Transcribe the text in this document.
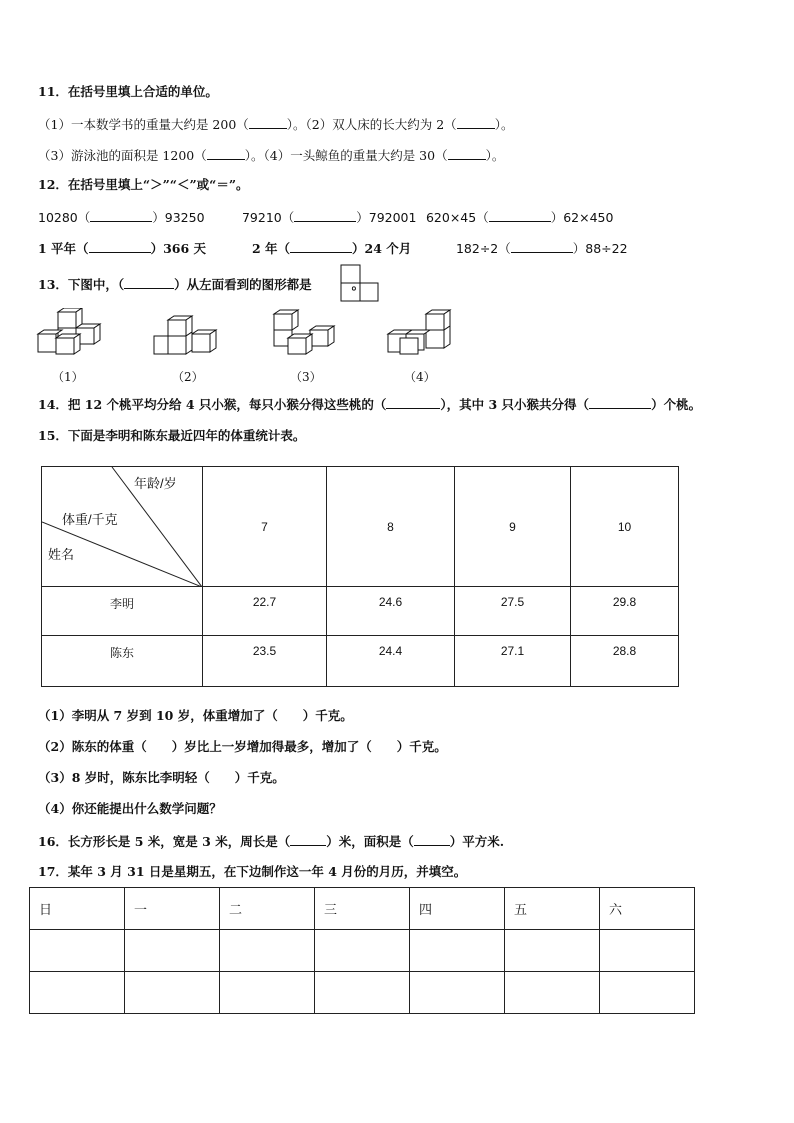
11．在括号里填上合适的单位。
（1）一本数学书的重量大约是 200（	）。（2）双人床的长大约为 2（	）。
（3）游泳池的面积是 1200（	）。（4）一头鲸鱼的重量大约是 30（	）。
12．在括号里填上“＞”“＜”或“＝”。
10280（	）93250	79210（	）792001 620×45（	）62×450
1 平年（	）366 天	2 年（	）24 个月	182÷2（	）88÷22
13．下图中，（	）从左面看到的图形都是	。
（1）	（2）	（3）	（4）
14．把 12 个桃平均分给 4 只小猴，每只小猴分得这些桃的（	），其中 3 只小猴共分得（	）个桃。
15．下面是李明和陈东最近四年的体重统计表。
年龄/岁
体重/千克
姓名	7	8	9	10
李明	22.7	24.6	27.5	29.8
陈东	23.5	24.4	27.1	28.8
（1）李明从 7 岁到 10 岁，体重增加了（　　）千克。
（2）陈东的体重（　　）岁比上一岁增加得最多，增加了（　　）千克。
（3）8 岁时，陈东比李明轻（　　）千克。
（4）你还能提出什么数学问题？
16．长方形长是 5 米，宽是 3 米，周长是（	）米，面积是（	）平方米.
17．某年 3 月 31 日是星期五，在下边制作这一年 4 月份的月历，并填空。
日	一	二	三	四	五	六
